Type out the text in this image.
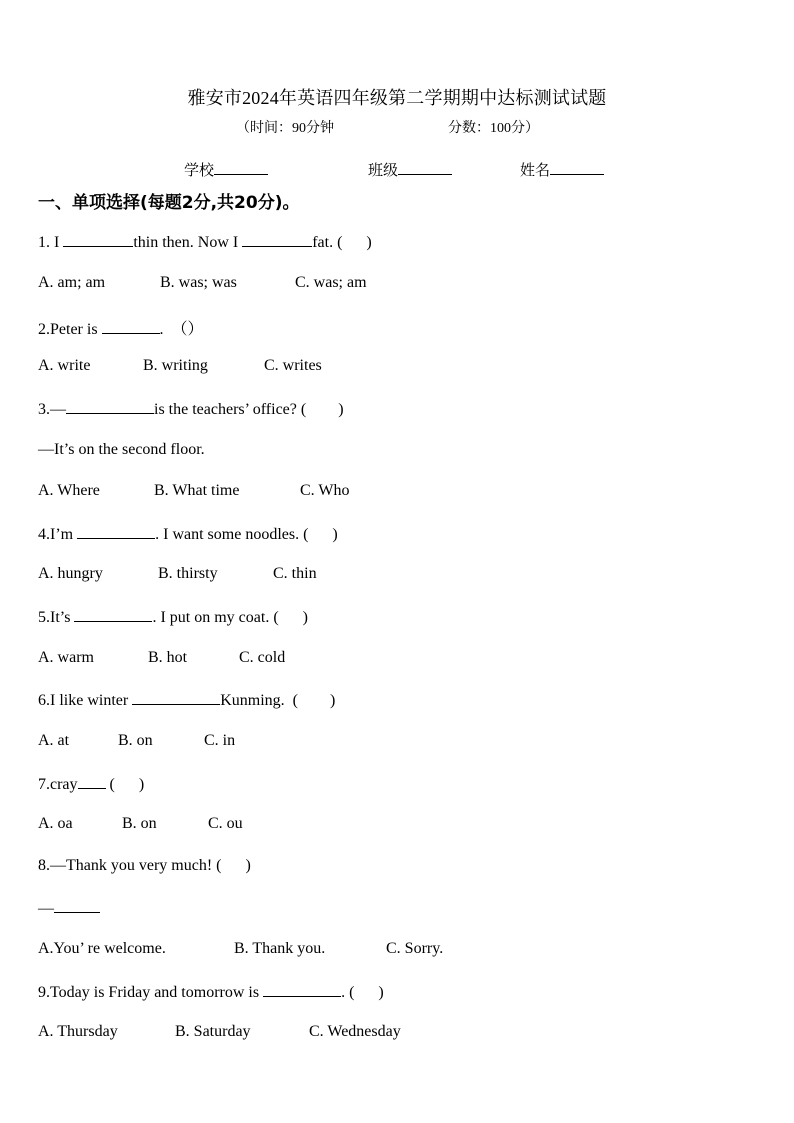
雅安市2024年英语四年级第二学期期中达标测试试题
（时间：90分钟	分数：100分）
学校	班级	姓名
一、单项选择(每题2分,共20分)。
1. I	thin then. Now I	fat. (      )
A. am; am	B. was; was	C. was; am
2.Peter is	.  （）
A. write	B. writing	C. writes
3.—	is the teachers’ office? (        )
—It’s on the second floor.
A. Where	B. What time	C. Who
4.I’m	. I want some noodles. (      )
A. hungry	B. thirsty	C. thin
5.It’s	. I put on my coat. (      )
A. warm	B. hot	C. cold
6.I like winter	Kunming.  (        )
A. at	B. on	C. in
7.cray (      )
A. oa	B. on	C. ou
8.—Thank you very much! (      )
—
A.You’ re welcome.	B. Thank you.	C. Sorry.
9.Today is Friday and tomorrow is	. (      )
A. Thursday	B. Saturday	C. Wednesday
